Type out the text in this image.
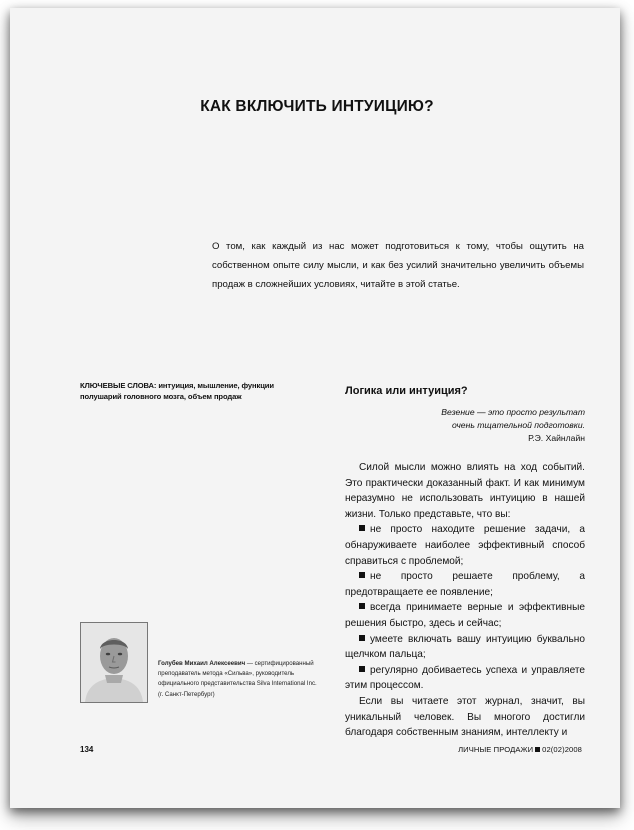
КАК ВКЛЮЧИТЬ ИНТУИЦИЮ?
О том, как каждый из нас может подготовиться к тому, чтобы ощутить на собственном опыте силу мысли, и как без усилий значительно увеличить объемы продаж в сложнейших условиях, читайте в этой статье.
КЛЮЧЕВЫЕ СЛОВА: интуиция, мышление, функции полушарий головного мозга, объем продаж	Логика или интуиция?
Везение — это просто результат
очень тщательной подготовки.
Р.Э. Хайнлайн

Силой мысли можно влиять на ход событий. Это практически доказанный факт. И как минимум неразумно не использовать интуицию в нашей жизни. Только представьте, что вы:

не просто находите решение задачи, а обнаруживаете наиболее эффективный способ справиться с проблемой;

не просто решаете проблему, а предотвращаете ее появление;

всегда принимаете верные и эффективные решения быстро, здесь и сейчас;

умеете включать вашу интуицию буквально щелчком пальца;

регулярно добиваетесь успеха и управляете этим процессом.

Если вы читаете этот журнал, значит, вы уникальный человек. Вы многого достигли благодаря собственным знаниям, интеллекту и

Голубев Михаил Алексеевич — сертифицированный преподаватель метода «Сильва», руководитель официального представительства Silva International Inc. (г. Санкт-Петербург)
134	ЛИЧНЫЕ ПРОДАЖИ 02(02)2008
